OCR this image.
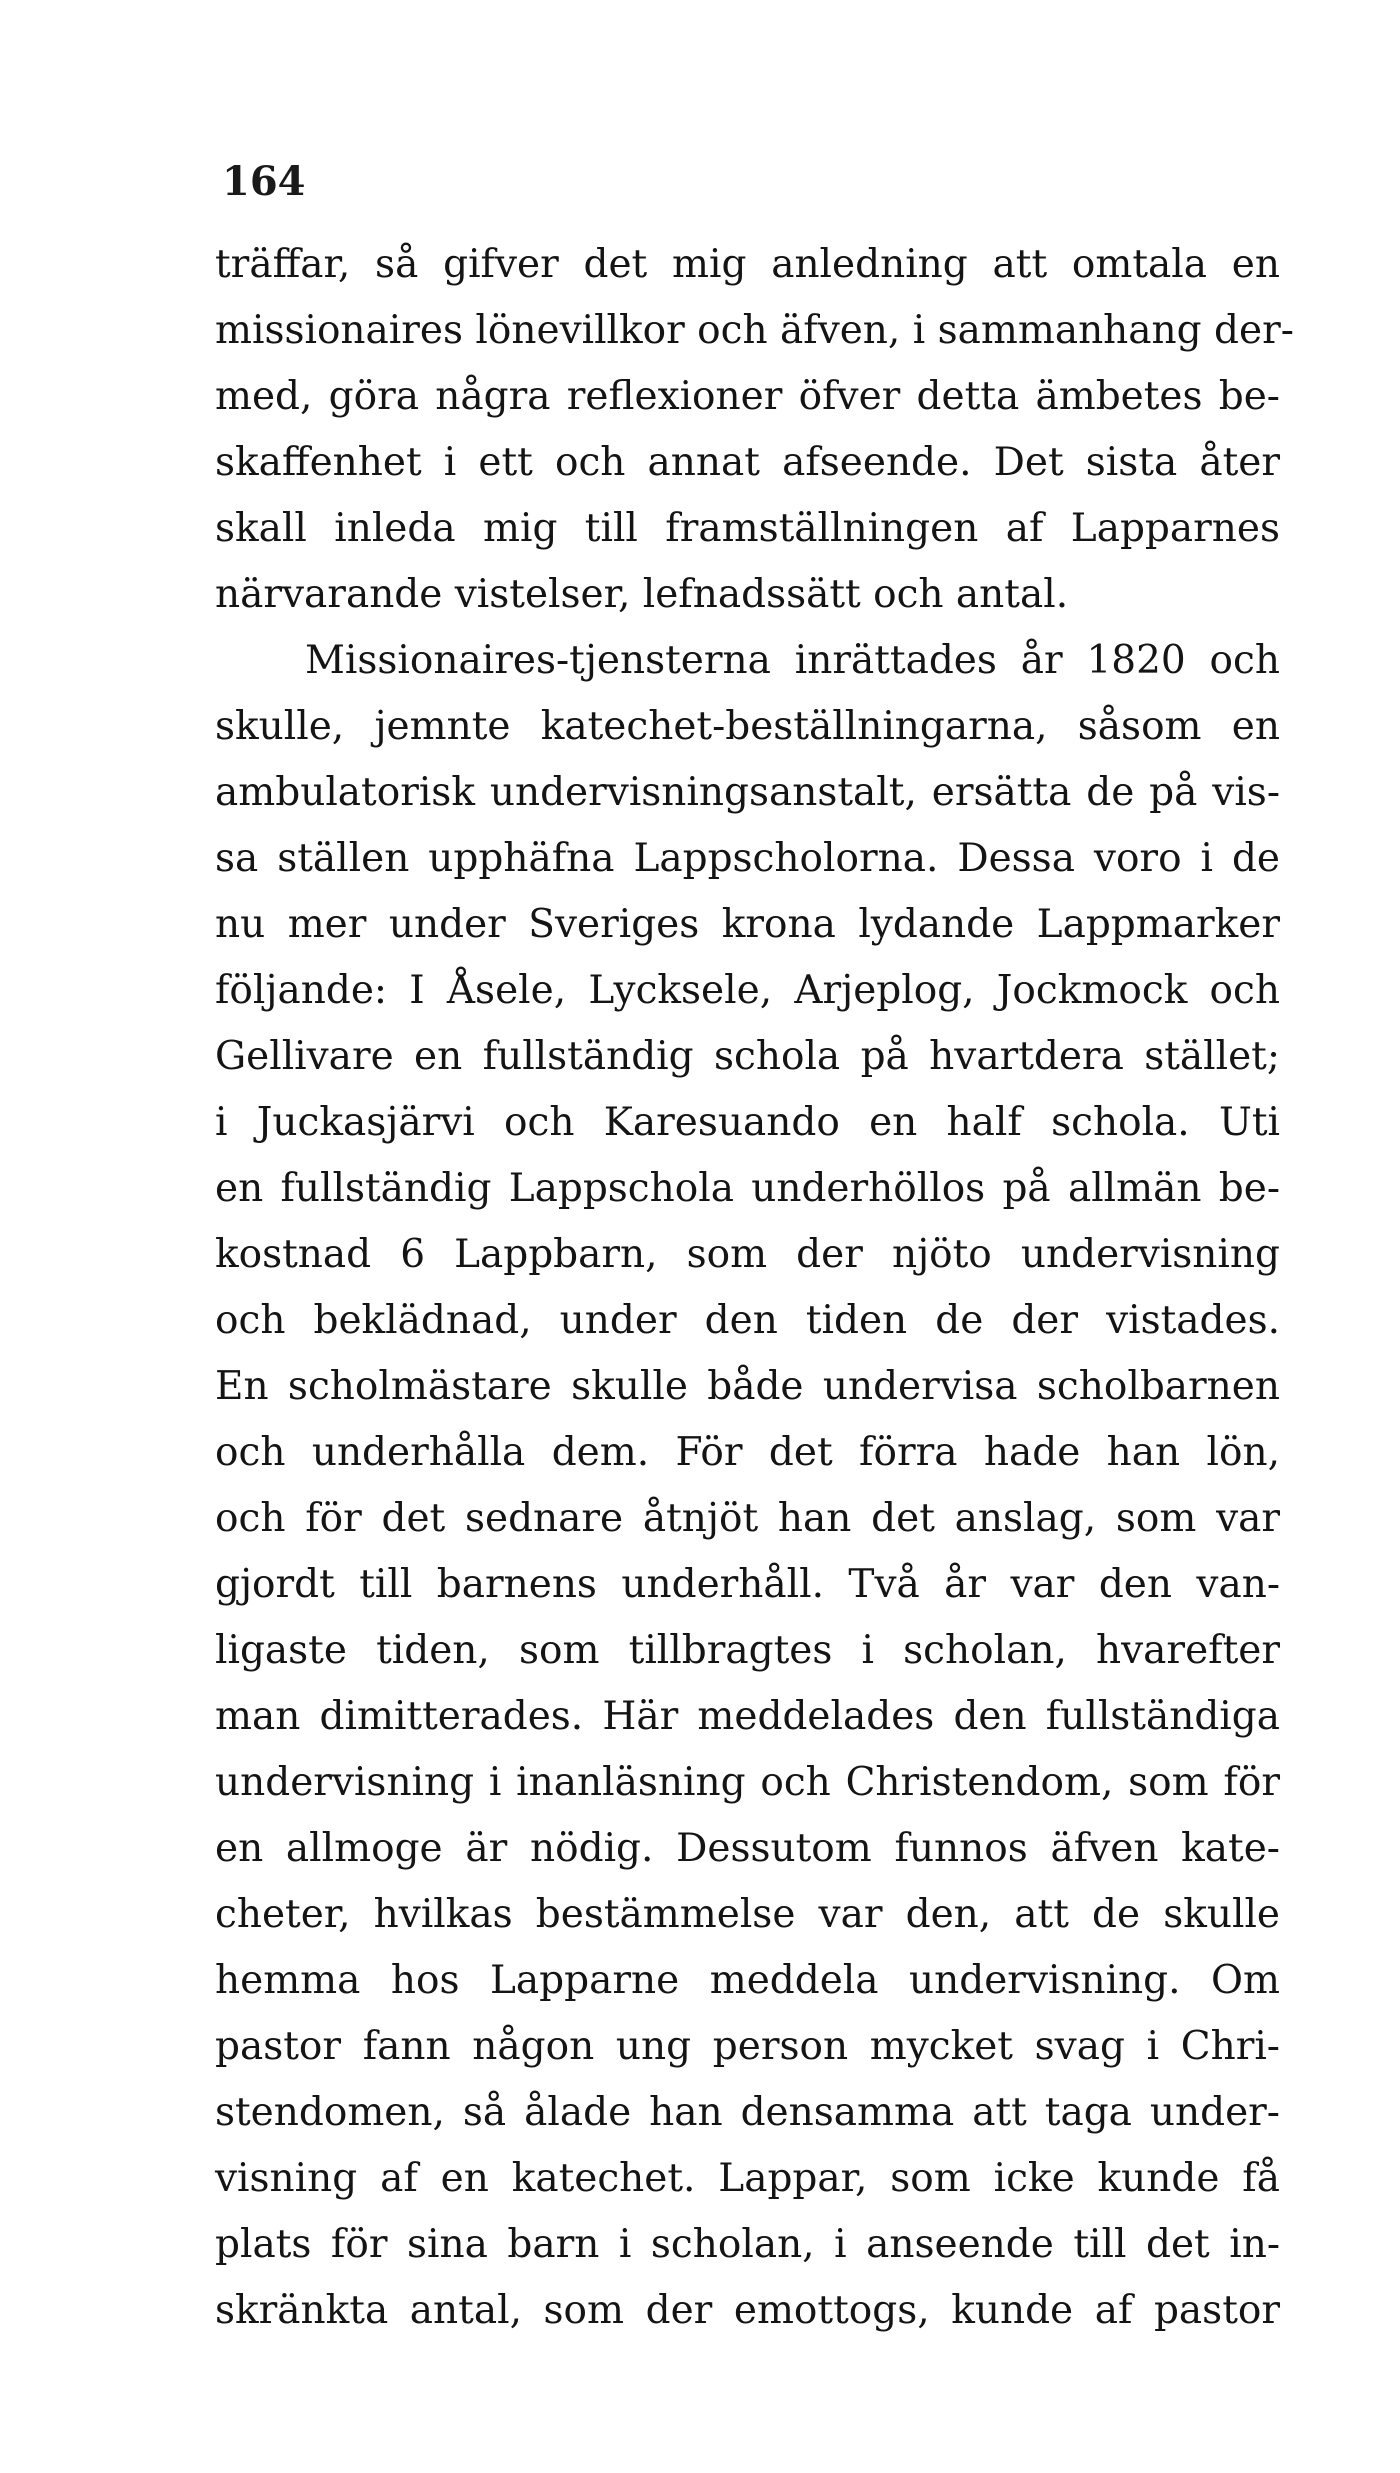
164
träffar, så gifver det mig anledning att omtala en
missionaires lönevillkor och äfven, i sammanhang der-
med, göra några reflexioner öfver detta ämbetes be-
skaffenhet i ett och annat afseende. Det sista åter
skall inleda mig till framställningen af Lapparnes
närvarande vistelser, lefnadssätt och antal.
Missionaires-tjensterna inrättades år 1820 och
skulle, jemnte katechet-beställningarna, såsom en
ambulatorisk undervisningsanstalt, ersätta de på vis-
sa ställen upphäfna Lappscholorna. Dessa voro i de
nu mer under Sveriges krona lydande Lappmarker
följande: I Åsele, Lycksele, Arjeplog, Jockmock och
Gellivare en fullständig schola på hvartdera stället;
i Juckasjärvi och Karesuando en half schola. Uti
en fullständig Lappschola underhöllos på allmän be-
kostnad 6 Lappbarn, som der njöto undervisning
och beklädnad, under den tiden de der vistades.
En scholmästare skulle både undervisa scholbarnen
och underhålla dem. För det förra hade han lön,
och för det sednare åtnjöt han det anslag, som var
gjordt till barnens underhåll. Två år var den van-
ligaste tiden, som tillbragtes i scholan, hvarefter
man dimitterades. Här meddelades den fullständiga
undervisning i inanläsning och Christendom, som för
en allmoge är nödig. Dessutom funnos äfven kate-
cheter, hvilkas bestämmelse var den, att de skulle
hemma hos Lapparne meddela undervisning. Om
pastor fann någon ung person mycket svag i Chri-
stendomen, så ålade han densamma att taga under-
visning af en katechet. Lappar, som icke kunde få
plats för sina barn i scholan, i anseende till det in-
skränkta antal, som der emottogs, kunde af pastor
